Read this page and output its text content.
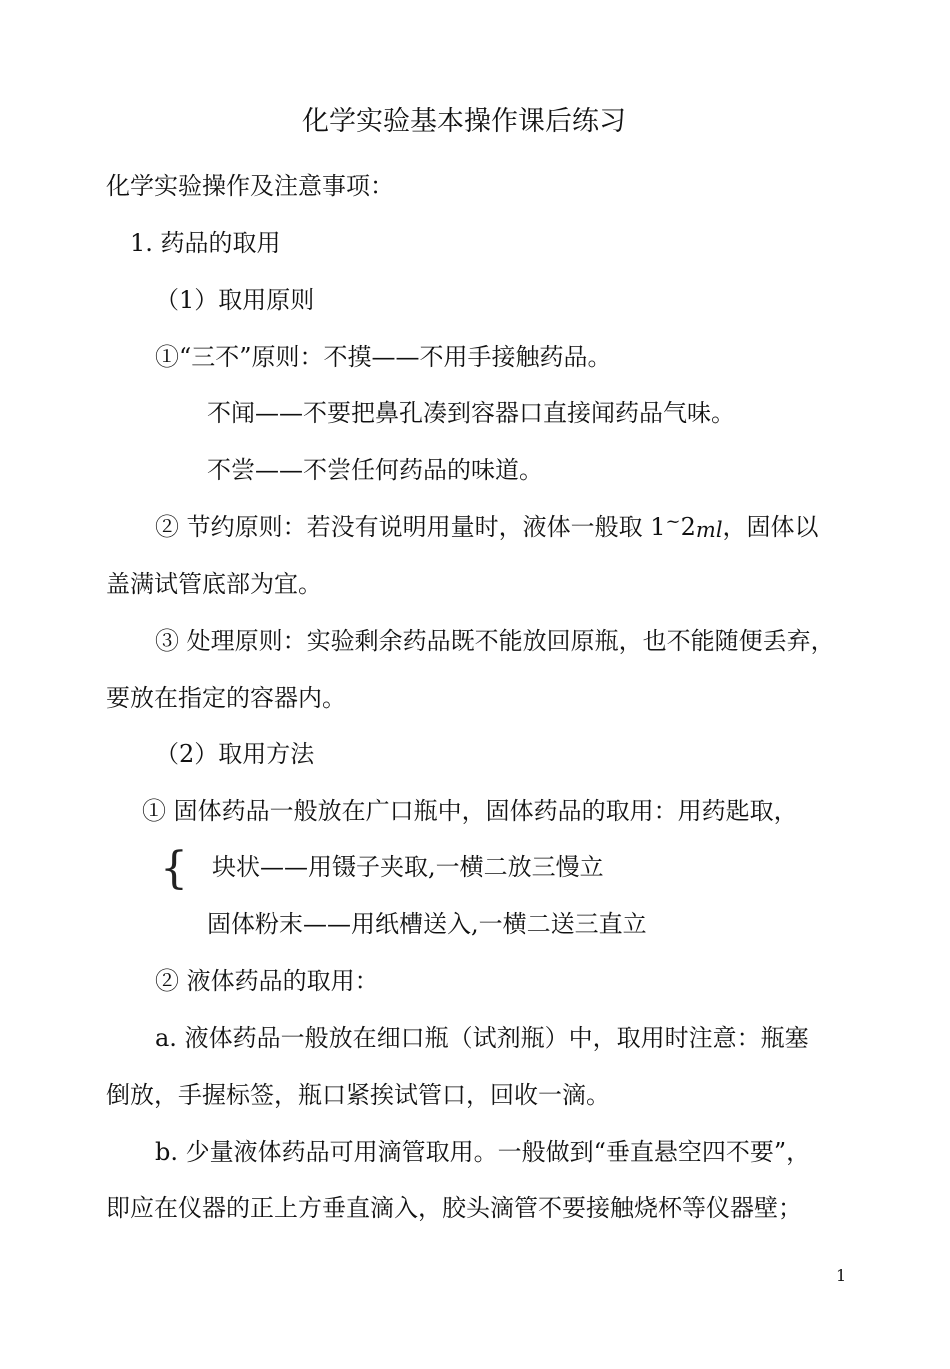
化学实验基本操作课后练习
化学实验操作及注意事项：
1. 药品的取用
（1）取用原则
①“三不”原则：不摸——不用手接触药品。
不闻——不要把鼻孔凑到容器口直接闻药品气味。
不尝——不尝任何药品的味道。
② 节约原则：若没有说明用量时，液体一般取 1~2ml，固体以
盖满试管底部为宜。
③ 处理原则：实验剩余药品既不能放回原瓶，也不能随便丢弃，
要放在指定的容器内。
（2）取用方法
① 固体药品一般放在广口瓶中，固体药品的取用：用药匙取，
{ 块状——用镊子夹取,一横二放三慢立
固体粉末——用纸槽送入,一横二送三直立
② 液体药品的取用：
a. 液体药品一般放在细口瓶（试剂瓶）中，取用时注意：瓶塞
倒放，手握标签，瓶口紧挨试管口，回收一滴。
b. 少量液体药品可用滴管取用。一般做到“垂直悬空四不要”，
即应在仪器的正上方垂直滴入，胶头滴管不要接触烧杯等仪器壁；
1
